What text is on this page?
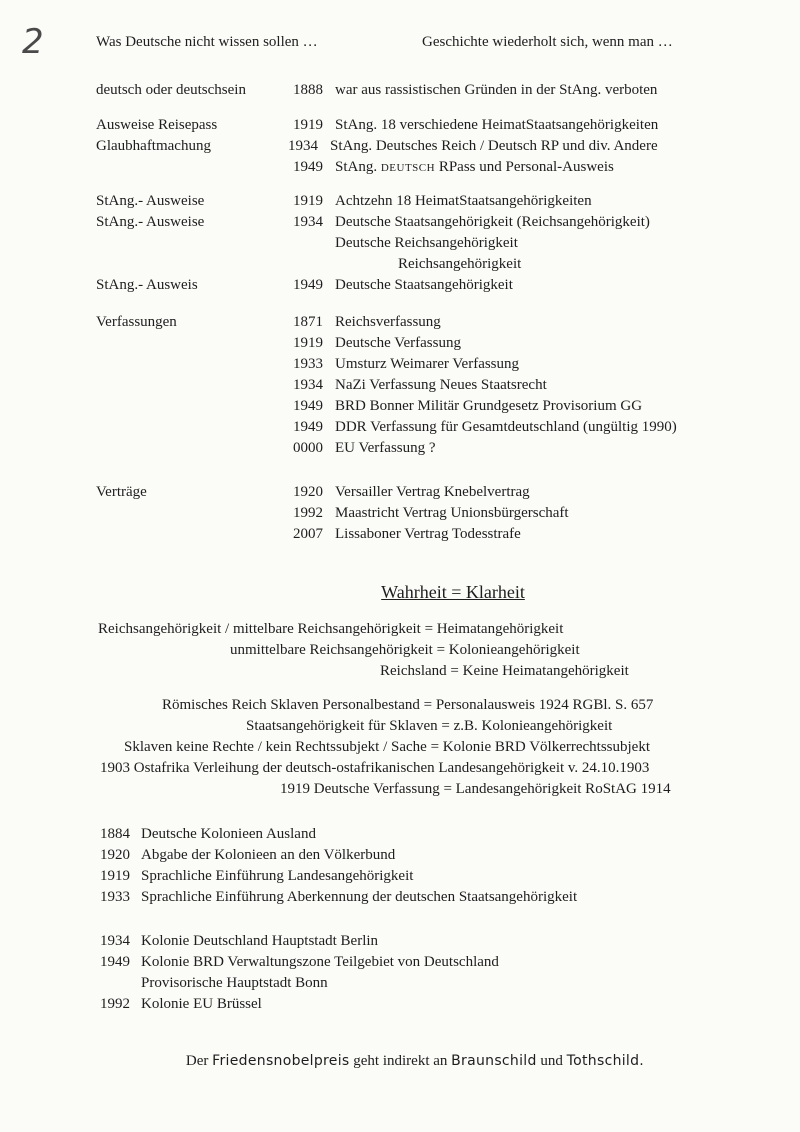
2	Was Deutsche nicht wissen sollen …	Geschichte wiederholt sich, wenn man …
deutsch oder deutschsein	1888 war aus rassistischen Gründen in der StAng. verboten
Ausweise Reisepass	1919 StAng. 18 verschiedene HeimatStaatsangehörigkeiten
Glaubhaftmachung	1934 StAng. Deutsches Reich / Deutsch RP und div. Andere
1949 StAng. DEUTSCH RPass und Personal-Ausweis
StAng.- Ausweise	1919 Achtzehn 18 HeimatStaatsangehörigkeiten
StAng.- Ausweise	1934 Deutsche Staatsangehörigkeit (Reichsangehörigkeit)
Deutsche Reichsangehörigkeit
Reichsangehörigkeit
StAng.- Ausweis	1949 Deutsche Staatsangehörigkeit
Verfassungen	1871 Reichsverfassung
1919 Deutsche Verfassung
1933 Umsturz Weimarer Verfassung
1934 NaZi Verfassung Neues Staatsrecht
1949 BRD Bonner Militär Grundgesetz Provisorium GG
1949 DDR Verfassung für Gesamtdeutschland (ungültig 1990)
0000 EU Verfassung ?
Verträge	1920 Versailler Vertrag Knebelvertrag
1992 Maastricht Vertrag Unionsbürgerschaft
2007 Lissaboner Vertrag Todesstrafe
Wahrheit = Klarheit
Reichsangehörigkeit / mittelbare Reichsangehörigkeit = Heimatangehörigkeit
unmittelbare Reichsangehörigkeit = Kolonieangehörigkeit
Reichsland = Keine Heimatangehörigkeit
Römisches Reich Sklaven Personalbestand = Personalausweis 1924 RGBl. S. 657
Staatsangehörigkeit für Sklaven = z.B. Kolonieangehörigkeit
Sklaven keine Rechte / kein Rechtssubjekt / Sache = Kolonie BRD Völkerrechtssubjekt
1903 Ostafrika Verleihung der deutsch-ostafrikanischen Landesangehörigkeit v. 24.10.1903
1919 Deutsche Verfassung = Landesangehörigkeit RoStAG 1914
1884 Deutsche Kolonieen Ausland
1920 Abgabe der Kolonieen an den Völkerbund
1919 Sprachliche Einführung Landesangehörigkeit
1933 Sprachliche Einführung Aberkennung der deutschen Staatsangehörigkeit
1934 Kolonie Deutschland Hauptstadt Berlin
1949 Kolonie BRD Verwaltungszone Teilgebiet von Deutschland
Provisorische Hauptstadt Bonn
1992 Kolonie EU Brüssel
Der Friedensnobelpreis geht indirekt an Braunschild und Tothschild.
